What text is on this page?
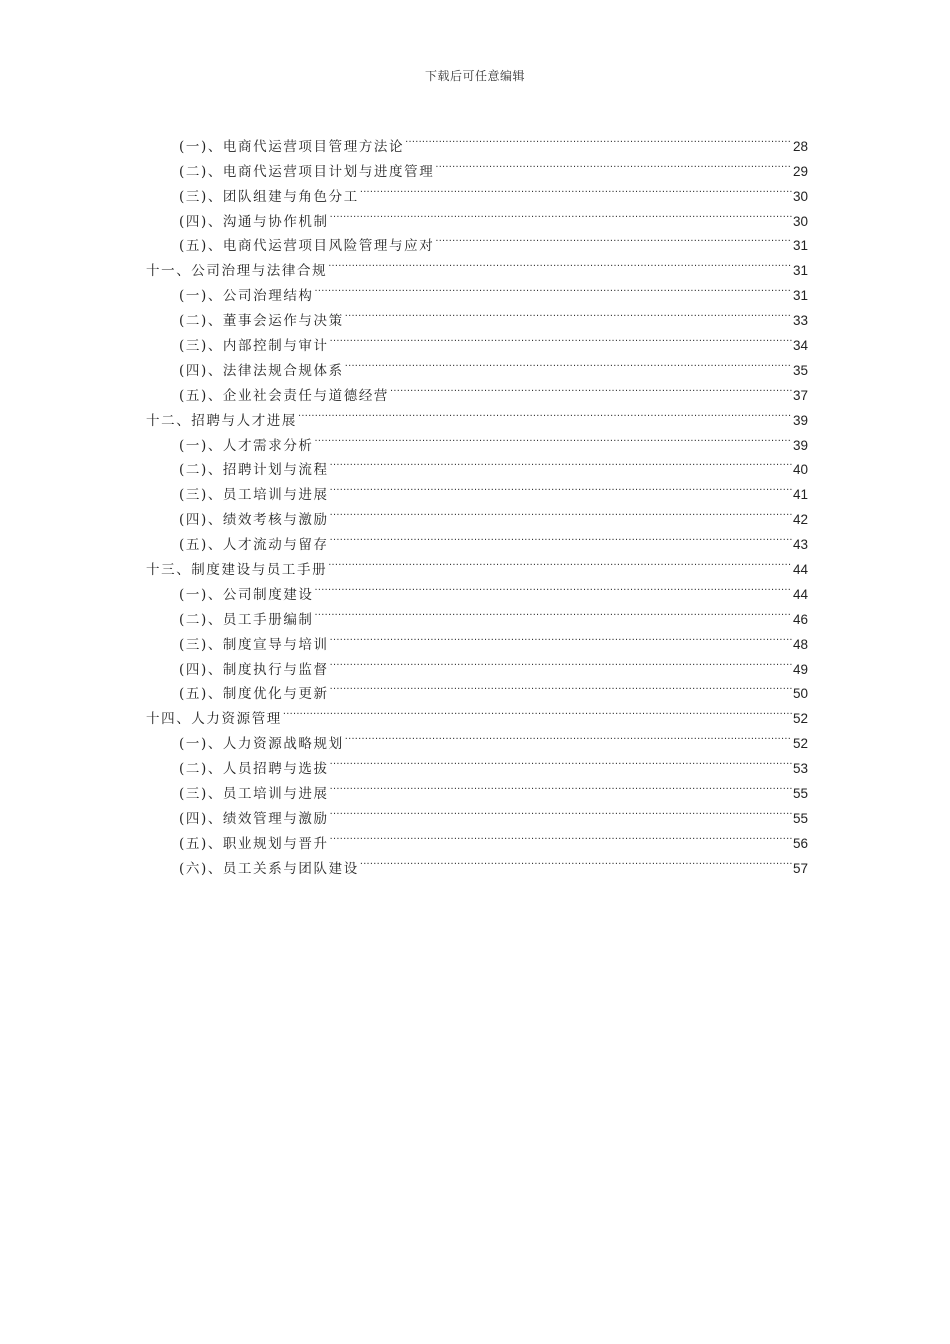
下载后可任意编辑
(一)、电商代运营项目管理方法论 .....	28
(二)、电商代运营项目计划与进度管理 .....	29
(三)、团队组建与角色分工 .....	30
(四)、沟通与协作机制 .....	30
(五)、电商代运营项目风险管理与应对 .....	31
十一、公司治理与法律合规 .....	31
(一)、公司治理结构 .....	31
(二)、董事会运作与决策 .....	33
(三)、内部控制与审计 .....	34
(四)、法律法规合规体系 .....	35
(五)、企业社会责任与道德经营 .....	37
十二、招聘与人才进展 .....	39
(一)、人才需求分析 .....	39
(二)、招聘计划与流程 .....	40
(三)、员工培训与进展 .....	41
(四)、绩效考核与激励 .....	42
(五)、人才流动与留存 .....	43
十三、制度建设与员工手册 .....	44
(一)、公司制度建设 .....	44
(二)、员工手册编制 .....	46
(三)、制度宣导与培训 .....	48
(四)、制度执行与监督 .....	49
(五)、制度优化与更新 .....	50
十四、人力资源管理 .....	52
(一)、人力资源战略规划 .....	52
(二)、人员招聘与选拔 .....	53
(三)、员工培训与进展 .....	55
(四)、绩效管理与激励 .....	55
(五)、职业规划与晋升 .....	56
(六)、员工关系与团队建设 .....	57
